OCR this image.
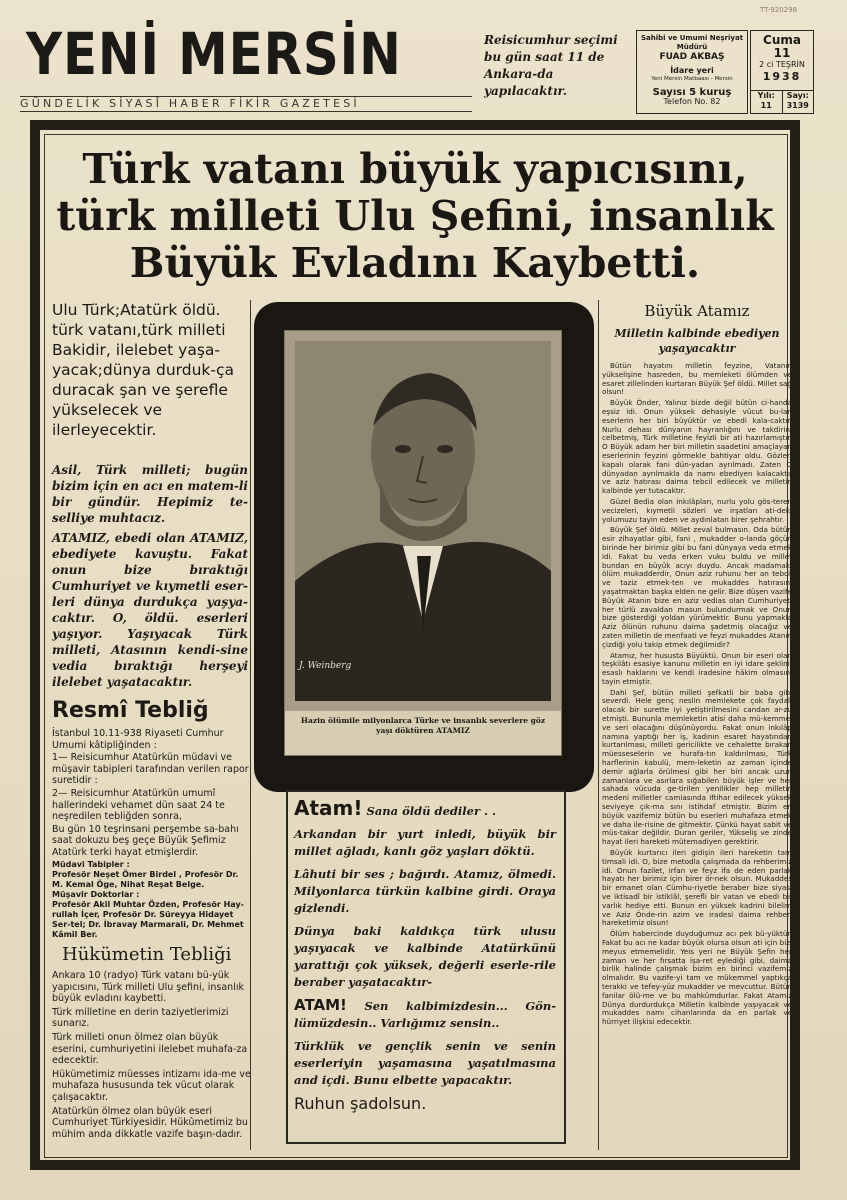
TT-920298
YENİ MERSİN
GÜNDELİK SİYASÎ HABER FİKİR GAZETESİ
Reisicumhur seçimi bu gün saat 11 de Ankara-da yapılacaktır.
Sahibi ve Umumi Neşriyat Müdürü
FUAD AKBAŞ
İdare yeri
Yeni Mersin Matbaası - Mersin
Sayısı 5 kuruş
Telefon No. 82
Cuma
11
2 ci TEŞRİN
1938
Yılı:
11
Sayı:
3139
Türk vatanı büyük yapıcısını, türk milleti Ulu Şefini, insanlık Büyük Evladını Kaybetti.
Ulu Türk;Atatürk öldü. türk vatanı,türk milleti Bakidir, ilelebet yaşa-yacak;dünya durduk-ça duracak şan ve şerefle yükselecek ve ilerleyecektir.
Asil, Türk milleti; bugün bizim için en acı en matem-li bir gündür. Hepimiz te-selliye muhtacız.
ATAMIZ, ebedi olan ATAMIZ, ebediyete kavuştu. Fakat onun bize bıraktığı Cumhuriyet ve kıymetli eser-leri dünya durdukça yaşya-caktır. O, öldü. eserleri yaşıyor. Yaşıyacak Türk milleti, Atasının kendi-sine vedia bıraktığı herşeyi ilelebet yaşatacaktır.
Resmî Tebliğ

İstanbul 10.11-938 Riyaseti Cumhur Umumi kâtipliğinden :

1— Reisicumhur Atatürkün müdavi ve müşavir tabipleri tarafından verilen rapor suretidir :

2— Reisicumhur Atatürkün umumî hallerindeki vehamet dün saat 24 te neşredilen tebliğden sonra,

Bu gün 10 teşrinsani perşembe sa-bahı saat dokuzu beş geçe Büyük Şefimiz Atatürk terki hayat etmişlerdir.

Müdavi Tabipler :

Profesör Neşet Ömer Birdel , Profesör Dr. M. Kemal Öge, Nihat Reşat Belge.

Müşavir Doktorlar :

Profesör Akil Muhtar Özden, Profesör Hay-rullah İçer, Profesör Dr. Süreyya Hidayet Ser-tel; Dr. İbravay Marmarali, Dr. Mehmet Kâmil Ber.

Hükümetin Tebliği

Ankara 10 (radyo) Türk vatanı bü-yük yapıcısını, Türk milleti Ulu şefini, insanlık büyük evladını kaybetti.

Türk milletine en derin taziyetlerimizi sunarız.

Türk milleti onun ölmez olan büyük eserini, cumhuriyetini ilelebet muhafa-za edecektir.

Hükümetimiz müesses intizamı ida-me ve muhafaza hususunda tek vücut olarak çalışacaktır.

Atatürkün ölmez olan büyük eseri Cumhuriyet Türkiyesidir. Hükûmetimiz bu mühim anda dikkatle vazife başın-dadır.

J. Weinberg
Hazin ölümile milyonlarca Türke ve insanlık severlere göz yaşı döktüren ATAMIZ

Atam! Sana öldü dediler . .

Arkandan bir yurt inledi, büyük bir millet ağladı, kanlı göz yaşları döktü.

Lâhuti bir ses ; bağırdı. Atamız, ölmedi. Milyonlarca türkün kalbine girdi. Oraya gizlendi.

Dünya baki kaldıkça türk ulusu yaşıyacak ve kalbinde Atatürkünü yarattığı çok yüksek, değerli eserle-rile beraber yaşatacaktır-

ATAM! Sen kalbimizdesin... Gön-lümüzdesin.. Varlığımız sensin..

Türklük ve gençlik senin ve senin eserleriyin yaşamasına yaşatılmasına and içdi. Bunu elbette yapacaktır.

Ruhun şadolsun.

Büyük Atamız
Milletin kalbinde ebediyen yaşayacaktır

Bütün hayatını milletin feyzine, Vatanın yükselişine hasreden, bu memleketi ölümden ve esaret zillelinden kurtaran Büyük Şef öldü. Millet sağ olsun!

Büyük Önder, Yalınız bizde değil bütün ci-handa eşsiz idi. Onun yüksek dehasiyle vücut bu-lan eserlerin her biri büyüktür ve ebedi kala-caktır. Nurlu dehası dünyanın hayranlığını ve takdirini celbetmiş, Türk milletine feyizli bir ati hazırlamıştır. O Büyük adam her biri milletin saadetini amaçlayan eserlerinin feyzini görmekle bahtiyar oldu. Gözleri kapalı olarak fani dün-yadan ayrılmadı. Zaten O dünyadan ayrılmakla da namı ebediyen kalacaktır ve aziz hatırası daima tebcil edilecek ve milletin kalbinde yer tutacaktır.

Güzel Bedia olan inkılâpları, nurlu yolu gös-teren vecizeleri, kıymetli sözleri ve irşatları ati-deki yolumuzu tayin eden ve aydınlatan birer şehrahtır.

Büyük Şef öldü. Millet zeval bulmasın. Oda bütün esir zihayatlar gibi, fani , mukadder o-landa göçün birinde her birimiz gibi bu fani dünyaya veda etmek idi. Fakat bu veda erken vuku buldu ve millet bundan en büyük acıyı duydu. Ancak madamaki ölüm mukadderdir, Onun aziz ruhunu her an tebcil ve taziz etmek-ten ve mukaddes hatırasını yaşatmaktan başka elden ne gelir. Bize düşen vazife Büyük Atanın bize en aziz vedias olan Cumhuriyeti her türlü zavaldan masun bulundurmak ve Onun bize gösterdiği yoldan yürümektir. Bunu yapmakla Aziz ölünün ruhunu daima şadetmiş olacağız ve zaten milletin de menfaati ve feyzi mukaddes Atanın çizdiği yolu takip etmek değilmidir?

Atamız, her hususta Büyüktü. Onun bir eseri olan teşkilâtı esasiye kanunu milletin en iyi idare şeklini, esaslı haklarını ve kendi iradesine hâkim olmasını tayin etmiştir.

Dahi Şef, bütün milleti şefkatli bir baba gibi severdi. Hele genç neslin memlekete çok faydalı olacak bir surette iyi yetiştirilmesini candan ar-zu etmişti. Bununla memleketin atisi daha mü-kemmel ve seri olacağını düşünüyordu. Fakat onun inkılâp namına yaptığı her iş, kadının esaret hayatından kurtarılması, milleti gericilikte ve cehalette bırakan müesseselerin ve hurafa-tın kaldırılması, Türk harflerinin kabulü, mem-leketin az zaman içinde demir ağlarla örülmesi gibi her biri ancak uzun zamanlara ve asırlara sığabilen büyük işler ve her sahada vücuda ge-tirilen yenilikler hep milletin medeni milletler camiasında iftihar edilecek yüksek seviyeye çık-ma sını istihdaf etmiştir. Bizim en büyük vazifemiz bütün bu eserleri muhafaza etmek ve daha ile-risine de gitmektir. Çünkü hayat sabit ve müs-takar değildir. Duran geriler, Yükseliş ve zinde hayat ileri hareketi mütemadiyen gerektirir.

Büyük kurtarıcı ileri gidişin ileri hareketin tam timsali idi. O, bize metodla çalışmada da rehberimiz idi. Onun fazilet, irfan ve feyz ifa de eden parlak hayatı her birimiz için birer ör-nek olsun. Mukaddes bir emanet olan Cümhu-riyetle beraber bize siyasî ve iktisadî bir istiklâl, şerefli bir vatan ve ebedi bir varlık hediye etti. Bunun en yüksek kadrini bilelim ve Aziz Önde-rin azim ve iradesi daima rehberi hareketimiz olsun!

Ölüm habercinde duyduğumuz acı pek bü-yüktür. Fakat bu acı ne kadar büyük olursa olsun ati için bizi meyus etmemelidir. Yeis yeri ne Büyük Şefin her zaman ve her fırsatta işa-ret eylediği gibi, daima birlik halinde çalışmak bizim en birinci vazifemiz olmalıdır. Bu vazife-yi tam ve mükemmel yaptıkça terakki ve tefey-yüz mukadder ve mevcuttur. Bütün fanilar ölü-me ve bu mahkûmdurlar. Fakat Atamız Dünya durdurdukça Milletin kalbinde yaşıyacak ve mukaddes namı cihanlarında da en parlak ve hürriyet ilişkisi edecektir.
